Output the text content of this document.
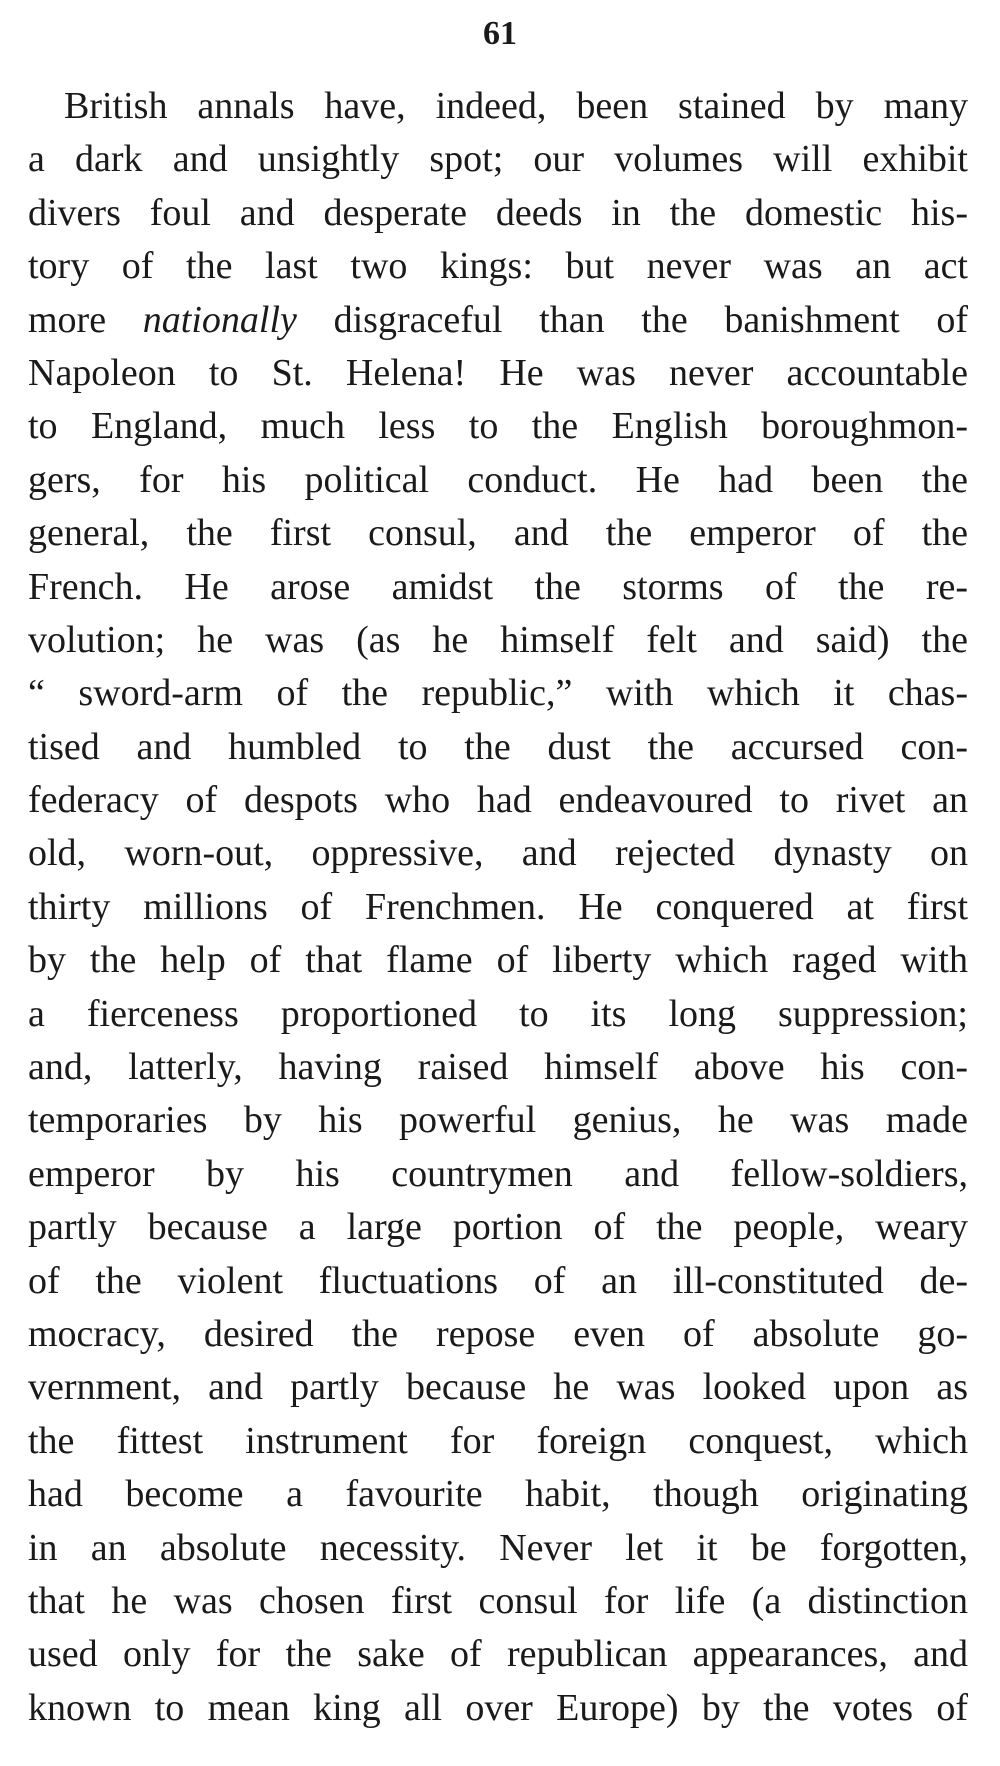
61
British annals have, indeed, been stained by many
a dark and unsightly spot; our volumes will exhibit
divers foul and desperate deeds in the domestic his-
tory of the last two kings: but never was an act
more nationally disgraceful than the banishment of
Napoleon to St. Helena! He was never accountable
to England, much less to the English boroughmon-
gers, for his political conduct. He had been the
general, the first consul, and the emperor of the
French. He arose amidst the storms of the re-
volution; he was (as he himself felt and said) the
“ sword-arm of the republic,” with which it chas-
tised and humbled to the dust the accursed con-
federacy of despots who had endeavoured to rivet an
old, worn-out, oppressive, and rejected dynasty on
thirty millions of Frenchmen. He conquered at first
by the help of that flame of liberty which raged with
a fierceness proportioned to its long suppression;
and, latterly, having raised himself above his con-
temporaries by his powerful genius, he was made
emperor by his countrymen and fellow-soldiers,
partly because a large portion of the people, weary
of the violent fluctuations of an ill-constituted de-
mocracy, desired the repose even of absolute go-
vernment, and partly because he was looked upon as
the fittest instrument for foreign conquest, which
had become a favourite habit, though originating
in an absolute necessity. Never let it be forgotten,
that he was chosen first consul for life (a distinction
used only for the sake of republican appearances, and
known to mean king all over Europe) by the votes of
